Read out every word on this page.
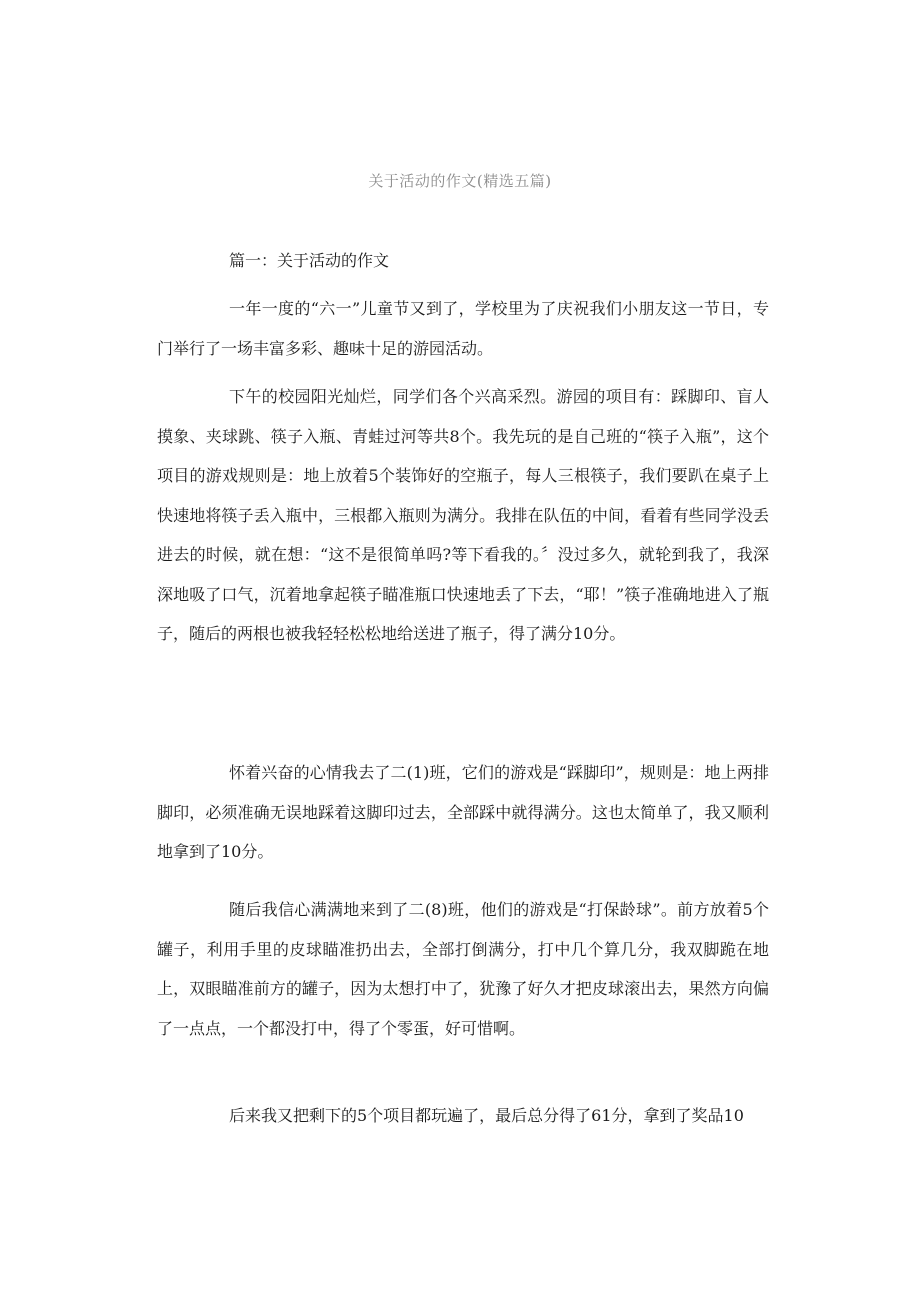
关于活动的作文(精选五篇)
篇一：关于活动的作文

一年一度的“六一”儿童节又到了，学校里为了庆祝我们小朋友这一节日，专门举行了一场丰富多彩、趣味十足的游园活动。

下午的校园阳光灿烂，同学们各个兴高采烈。游园的项目有：踩脚印、盲人摸象、夹球跳、筷子入瓶、青蛙过河等共8个。我先玩的是自己班的“筷子入瓶”，这个项目的游戏规则是：地上放着5个装饰好的空瓶子，每人三根筷子，我们要趴在桌子上快速地将筷子丢入瓶中，三根都入瓶则为满分。我排在队伍的中间，看着有些同学没丢进去的时候，就在想：“这不是很简单吗?等下看我的。〞没过多久，就轮到我了，我深深地吸了口气，沉着地拿起筷子瞄准瓶口快速地丢了下去，“耶！”筷子准确地进入了瓶子，随后的两根也被我轻轻松松地给送进了瓶子，得了满分10分。

怀着兴奋的心情我去了二(1)班，它们的游戏是“踩脚印”，规则是：地上两排脚印，必须准确无误地踩着这脚印过去，全部踩中就得满分。这也太简单了，我又顺利地拿到了10分。

随后我信心满满地来到了二(8)班，他们的游戏是“打保龄球”。前方放着5个罐子，利用手里的皮球瞄准扔出去，全部打倒满分，打中几个算几分，我双脚跪在地上，双眼瞄准前方的罐子，因为太想打中了，犹豫了好久才把皮球滚出去，果然方向偏了一点点，一个都没打中，得了个零蛋，好可惜啊。

后来我又把剩下的5个项目都玩遍了，最后总分得了61分，拿到了奖品10
